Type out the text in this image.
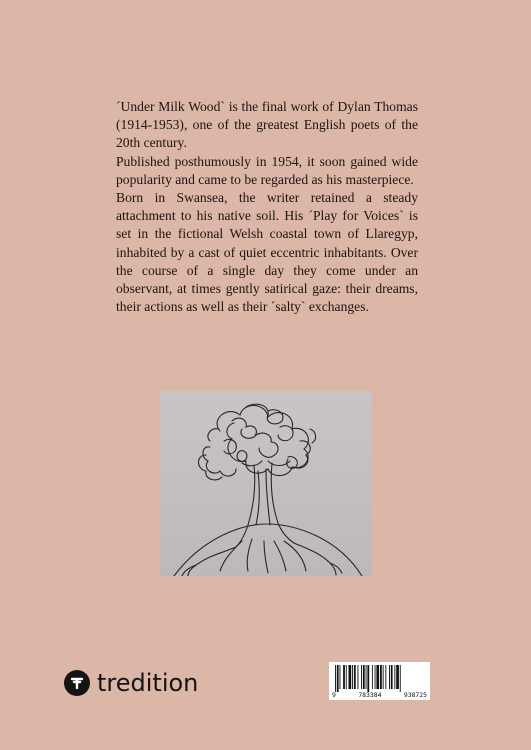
´Under Milk Wood` is the final work of Dylan Thomas (1914-1953), one of the greatest English poets of the 20th century.

Published posthumously in 1954, it soon gained wide popularity and came to be regarded as his masterpiece.

Born in Swansea, the writer retained a steady attachment to his native soil. His ´Play for Voices` is set in the fictional Welsh coastal town of Llaregyp, inhabited by a cast of quiet eccentric inhabitants. Over the course of a single day they come under an observant, at times gently satirical gaze: their dreams, their actions as well as their ´salty` exchanges.

tredition	9	783384	938725
